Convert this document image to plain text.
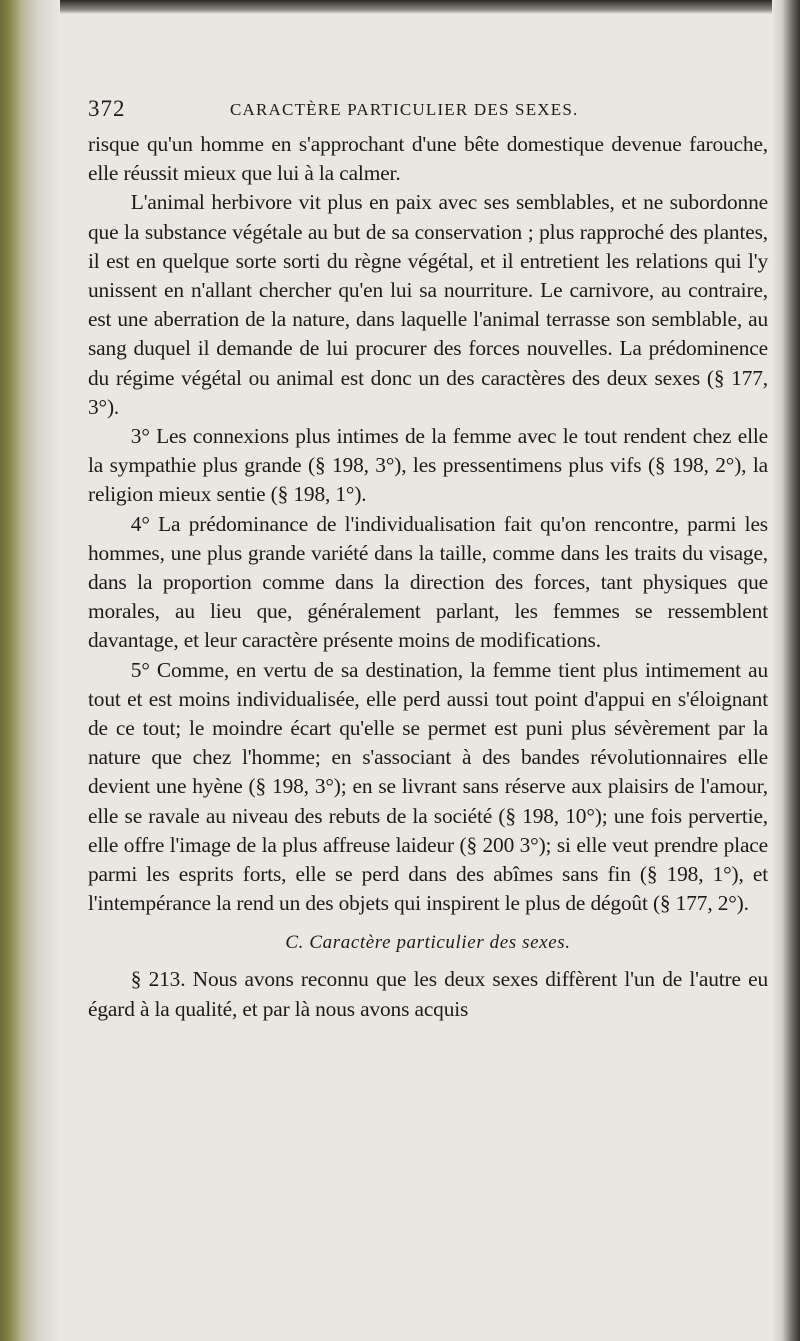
372	CARACTÈRE PARTICULIER DES SEXES.

risque qu'un homme en s'approchant d'une bête domestique devenue farouche, elle réussit mieux que lui à la calmer.

L'animal herbivore vit plus en paix avec ses semblables, et ne subordonne que la substance végétale au but de sa conservation ; plus rapproché des plantes, il est en quelque sorte sorti du règne végétal, et il entretient les relations qui l'y unissent en n'allant chercher qu'en lui sa nourriture. Le carnivore, au contraire, est une aberration de la nature, dans laquelle l'animal terrasse son semblable, au sang duquel il demande de lui procurer des forces nouvelles. La prédominence du régime végétal ou animal est donc un des caractères des deux sexes (§ 177, 3°).

3° Les connexions plus intimes de la femme avec le tout rendent chez elle la sympathie plus grande (§ 198, 3°), les pressentimens plus vifs (§ 198, 2°), la religion mieux sentie (§ 198, 1°).

4° La prédominance de l'individualisation fait qu'on rencontre, parmi les hommes, une plus grande variété dans la taille, comme dans les traits du visage, dans la proportion comme dans la direction des forces, tant physiques que morales, au lieu que, généralement parlant, les femmes se ressemblent davantage, et leur caractère présente moins de modifications.

5° Comme, en vertu de sa destination, la femme tient plus intimement au tout et est moins individualisée, elle perd aussi tout point d'appui en s'éloignant de ce tout; le moindre écart qu'elle se permet est puni plus sévèrement par la nature que chez l'homme; en s'associant à des bandes révolutionnaires elle devient une hyène (§ 198, 3°); en se livrant sans réserve aux plaisirs de l'amour, elle se ravale au niveau des rebuts de la société (§ 198, 10°); une fois pervertie, elle offre l'image de la plus affreuse laideur (§ 200 3°); si elle veut prendre place parmi les esprits forts, elle se perd dans des abîmes sans fin (§ 198, 1°), et l'intempérance la rend un des objets qui inspirent le plus de dégoût (§ 177, 2°).

C. Caractère particulier des sexes.

§ 213. Nous avons reconnu que les deux sexes diffèrent l'un de l'autre eu égard à la qualité, et par là nous avons acquis
